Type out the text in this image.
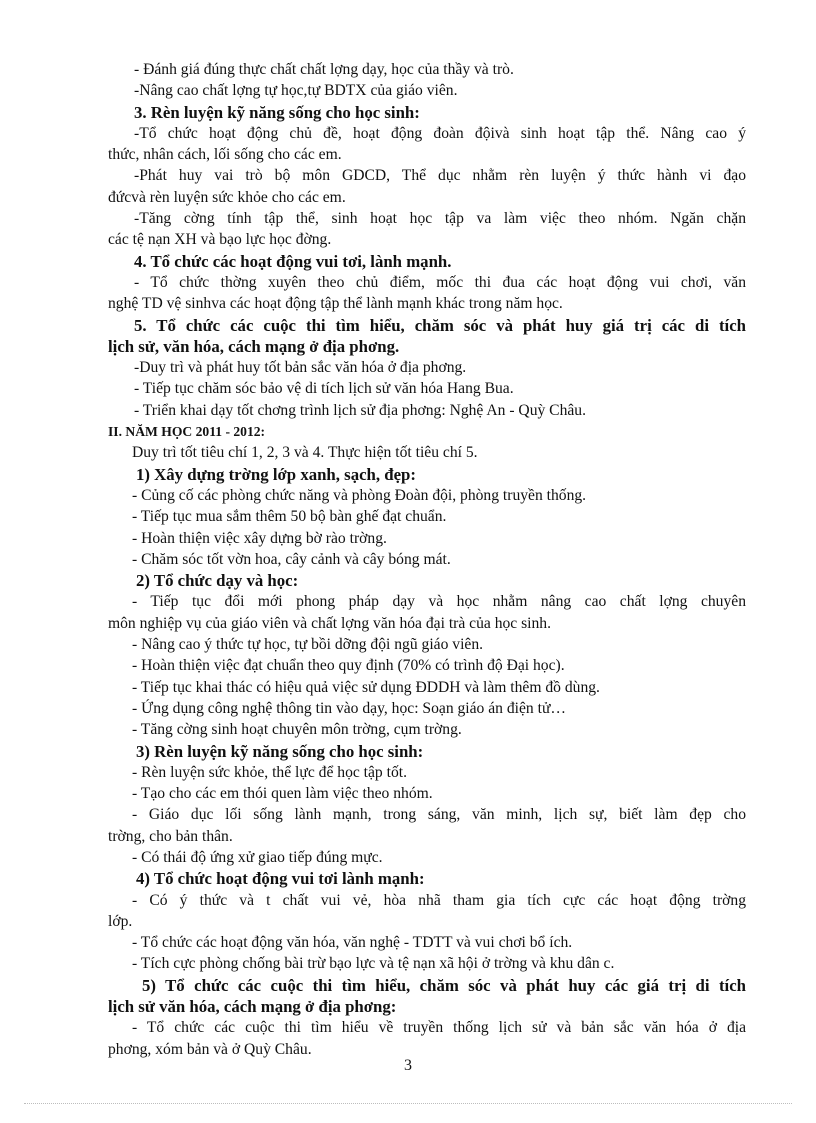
- Đánh giá đúng thực chất chất lợng dạy, học của thầy và trò.
-Nâng cao chất lợng tự học,tự BDTX của giáo viên.
3. Rèn luyện kỹ năng sống cho học sinh:
-Tổ chức hoạt động chủ đề, hoạt động đoàn độivà sinh hoạt tập thể. Nâng cao ý
thức, nhân cách, lối sống cho các em.
-Phát huy vai trò bộ môn GDCD, Thể dục nhằm rèn luyện ý thức hành vi đạo
đứcvà rèn luyện sức khỏe cho các em.
-Tăng cờng tính tập thể, sinh hoạt học tập va làm việc theo nhóm. Ngăn chặn
các tệ nạn XH và bạo lực học đờng.
4. Tổ chức các hoạt động vui tơi, lành mạnh.
- Tổ chức thờng xuyên theo chủ điểm, mốc thi đua các hoạt động vui chơi, văn
nghệ TD vệ sinhva các hoạt động tập thể lành mạnh khác trong năm học.
5. Tổ chức các cuộc thi tìm hiểu, chăm sóc và phát huy giá trị các di tích
lịch sử, văn hóa, cách mạng ở địa phơng.
-Duy trì và phát huy tốt bản sắc văn hóa ở địa phơng.
- Tiếp tục chăm sóc bảo vệ di tích lịch sử văn hóa Hang Bua.
- Triển khai dạy tốt chơng trình lịch sử địa phơng: Nghệ An - Quỳ Châu.
II. NĂM HỌC 2011 - 2012:
Duy trì tốt tiêu chí 1, 2, 3 và 4. Thực hiện tốt tiêu chí 5.
1) Xây dựng trờng lớp xanh, sạch, đẹp:
- Củng cố các phòng chức năng và phòng Đoàn đội, phòng truyền thống.
- Tiếp tục mua sắm thêm 50 bộ bàn ghế đạt chuẩn.
- Hoàn thiện việc xây dựng bờ rào trờng.
- Chăm sóc tốt vờn hoa, cây cảnh và cây bóng mát.
2) Tổ chức dạy và học:
- Tiếp tục đổi mới phong pháp dạy và học nhằm nâng cao chất lợng chuyên
môn nghiệp vụ của giáo viên và chất lợng văn hóa đại trà của học sinh.
- Nâng cao ý thức tự học, tự bồi dỡng đội ngũ giáo viên.
- Hoàn thiện việc đạt chuẩn theo quy định (70% có trình độ Đại học).
- Tiếp tục khai thác có hiệu quả việc sử dụng ĐDDH và làm thêm đồ dùng.
- Ứng dụng công nghệ thông tin vào dạy, học: Soạn giáo án điện tử…
- Tăng cờng sinh hoạt chuyên môn trờng, cụm trờng.
3) Rèn luyện kỹ năng sống cho học sinh:
- Rèn luyện sức khỏe, thể lực để học tập tốt.
- Tạo cho các em thói quen làm việc theo nhóm.
- Giáo dục lối sống lành mạnh, trong sáng, văn minh, lịch sự, biết làm đẹp cho
trờng, cho bản thân.
- Có thái độ ứng xử giao tiếp đúng mực.
4) Tổ chức hoạt động vui tơi lành mạnh:
- Có ý thức và t chất vui vẻ, hòa nhã tham gia tích cực các hoạt động trờng
lớp.
- Tổ chức các hoạt động văn hóa, văn nghệ - TDTT và vui chơi bổ ích.
- Tích cực phòng chống bài trừ bạo lực và tệ nạn xã hội ở trờng và khu dân c.
5) Tổ chức các cuộc thi tìm hiểu, chăm sóc và phát huy các giá trị di tích
lịch sử văn hóa, cách mạng ở địa phơng:
- Tổ chức các cuộc thi tìm hiểu về truyền thống lịch sử và bản sắc văn hóa ở địa
phơng, xóm bản và ở Quỳ Châu.
3
